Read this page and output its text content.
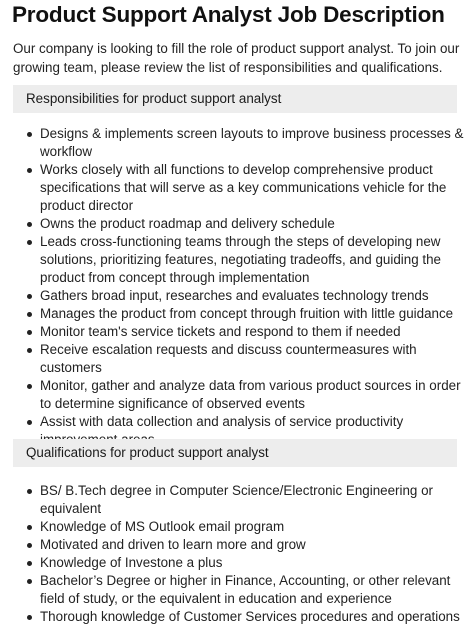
Product Support Analyst Job Description

Our company is looking to fill the role of product support analyst. To join our growing team, please review the list of responsibilities and qualifications.

Responsibilities for product support analyst
Designs & implements screen layouts to improve business processes & workflow
Works closely with all functions to develop comprehensive product specifications that will serve as a key communications vehicle for the product director
Owns the product roadmap and delivery schedule
Leads cross-functioning teams through the steps of developing new solutions, prioritizing features, negotiating tradeoffs, and guiding the product from concept through implementation
Gathers broad input, researches and evaluates technology trends
Manages the product from concept through fruition with little guidance
Monitor team's service tickets and respond to them if needed
Receive escalation requests and discuss countermeasures with customers
Monitor, gather and analyze data from various product sources in order to determine significance of observed events
Assist with data collection and analysis of service productivity
Qualifications for product support analyst
BS/ B.Tech degree in Computer Science/Electronic Engineering or equivalent
Knowledge of MS Outlook email program
Motivated and driven to learn more and grow
Knowledge of Investone a plus
Bachelor’s Degree or higher in Finance, Accounting, or other relevant field of study, or the equivalent in education and experience
Thorough knowledge of Customer Services procedures and operations
